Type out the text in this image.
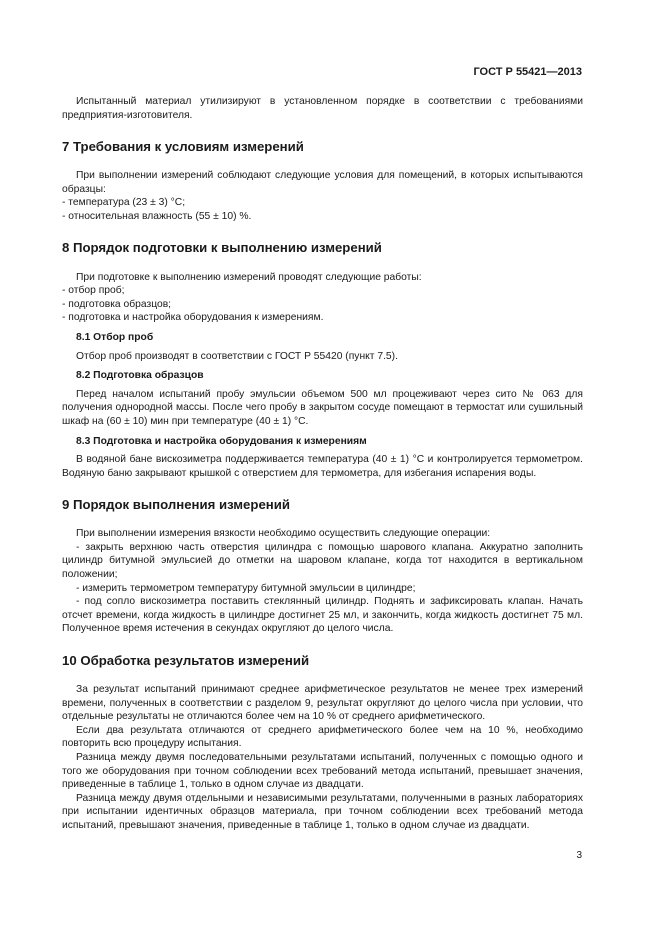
ГОСТ Р 55421—2013

Испытанный материал утилизируют в установленном порядке в соответствии с требованиями предприятия-изготовителя.

7 Требования к условиям измерений

При выполнении измерений соблюдают следующие условия для помещений, в которых испытываются образцы:

- температура (23 ± 3) °C;

- относительная влажность (55 ± 10) %.

8 Порядок подготовки к выполнению измерений

При подготовке к выполнению измерений проводят следующие работы:

- отбор проб;

- подготовка образцов;

- подготовка и настройка оборудования к измерениям.

8.1 Отбор проб

Отбор проб производят в соответствии с ГОСТ Р 55420 (пункт 7.5).

8.2 Подготовка образцов

Перед началом испытаний пробу эмульсии объемом 500 мл процеживают через сито № 063 для получения однородной массы. После чего пробу в закрытом сосуде помещают в термостат или сушильный шкаф на (60 ± 10) мин при температуре (40 ± 1) °C.

8.3 Подготовка и настройка оборудования к измерениям

В водяной бане вискозиметра поддерживается температура (40 ± 1) °C и контролируется термометром. Водяную баню закрывают крышкой с отверстием для термометра, для избегания испарения воды.

9 Порядок выполнения измерений

При выполнении измерения вязкости необходимо осуществить следующие операции:

- закрыть верхнюю часть отверстия цилиндра с помощью шарового клапана. Аккуратно заполнить цилиндр битумной эмульсией до отметки на шаровом клапане, когда тот находится в вертикальном положении;

- измерить термометром температуру битумной эмульсии в цилиндре;

- под сопло вискозиметра поставить стеклянный цилиндр. Поднять и зафиксировать клапан. Начать отсчет времени, когда жидкость в цилиндре достигнет 25 мл, и закончить, когда жидкость достигнет 75 мл. Полученное время истечения в секундах округляют до целого числа.

10 Обработка результатов измерений

За результат испытаний принимают среднее арифметическое результатов не менее трех измерений времени, полученных в соответствии с разделом 9, результат округляют до целого числа при условии, что отдельные результаты не отличаются более чем на 10 % от среднего арифметического.

Если два результата отличаются от среднего арифметического более чем на 10 %, необходимо повторить всю процедуру испытания.

Разница между двумя последовательными результатами испытаний, полученных с помощью одного и того же оборудования при точном соблюдении всех требований метода испытаний, превышает значения, приведенные в таблице 1, только в одном случае из двадцати.

Разница между двумя отдельными и независимыми результатами, полученными в разных лабораториях при испытании идентичных образцов материала, при точном соблюдении всех требований метода испытаний, превышают значения, приведенные в таблице 1, только в одном случае из двадцати.

3
